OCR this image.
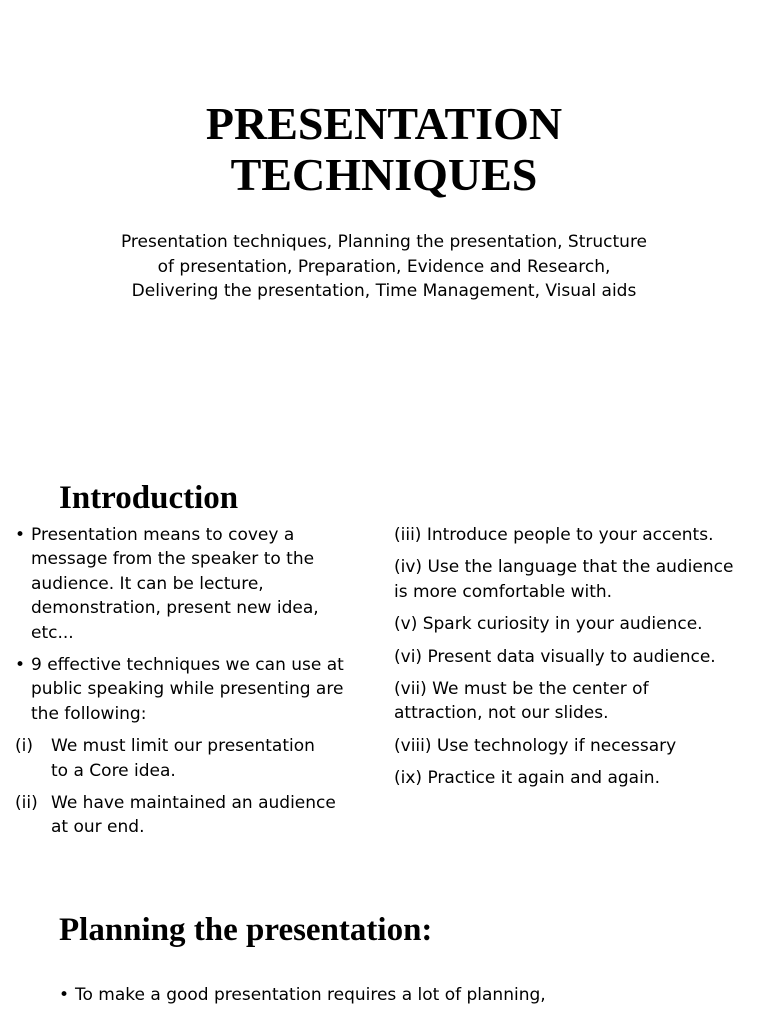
PRESENTATION
TECHNIQUES

Presentation techniques, Planning the presentation, Structure
of presentation, Preparation, Evidence and Research,
Delivering the presentation, Time Management, Visual aids

Introduction

• Presentation means to covey a
message from the speaker to the
audience. It can be lecture,
demonstration, present new idea,
etc...

• 9 effective techniques we can use at
public speaking while presenting are
the following:

(i) We must limit our presentation
to a Core idea.

(ii) We have maintained an audience
at our end.

(iii) Introduce people to your accents.

(iv) Use the language that the audience
is more comfortable with.

(v) Spark curiosity in your audience.

(vi) Present data visually to audience.

(vii) We must be the center of
attraction, not our slides.

(viii) Use technology if necessary

(ix) Practice it again and again.

Planning the presentation:

• To make a good presentation requires a lot of planning,
